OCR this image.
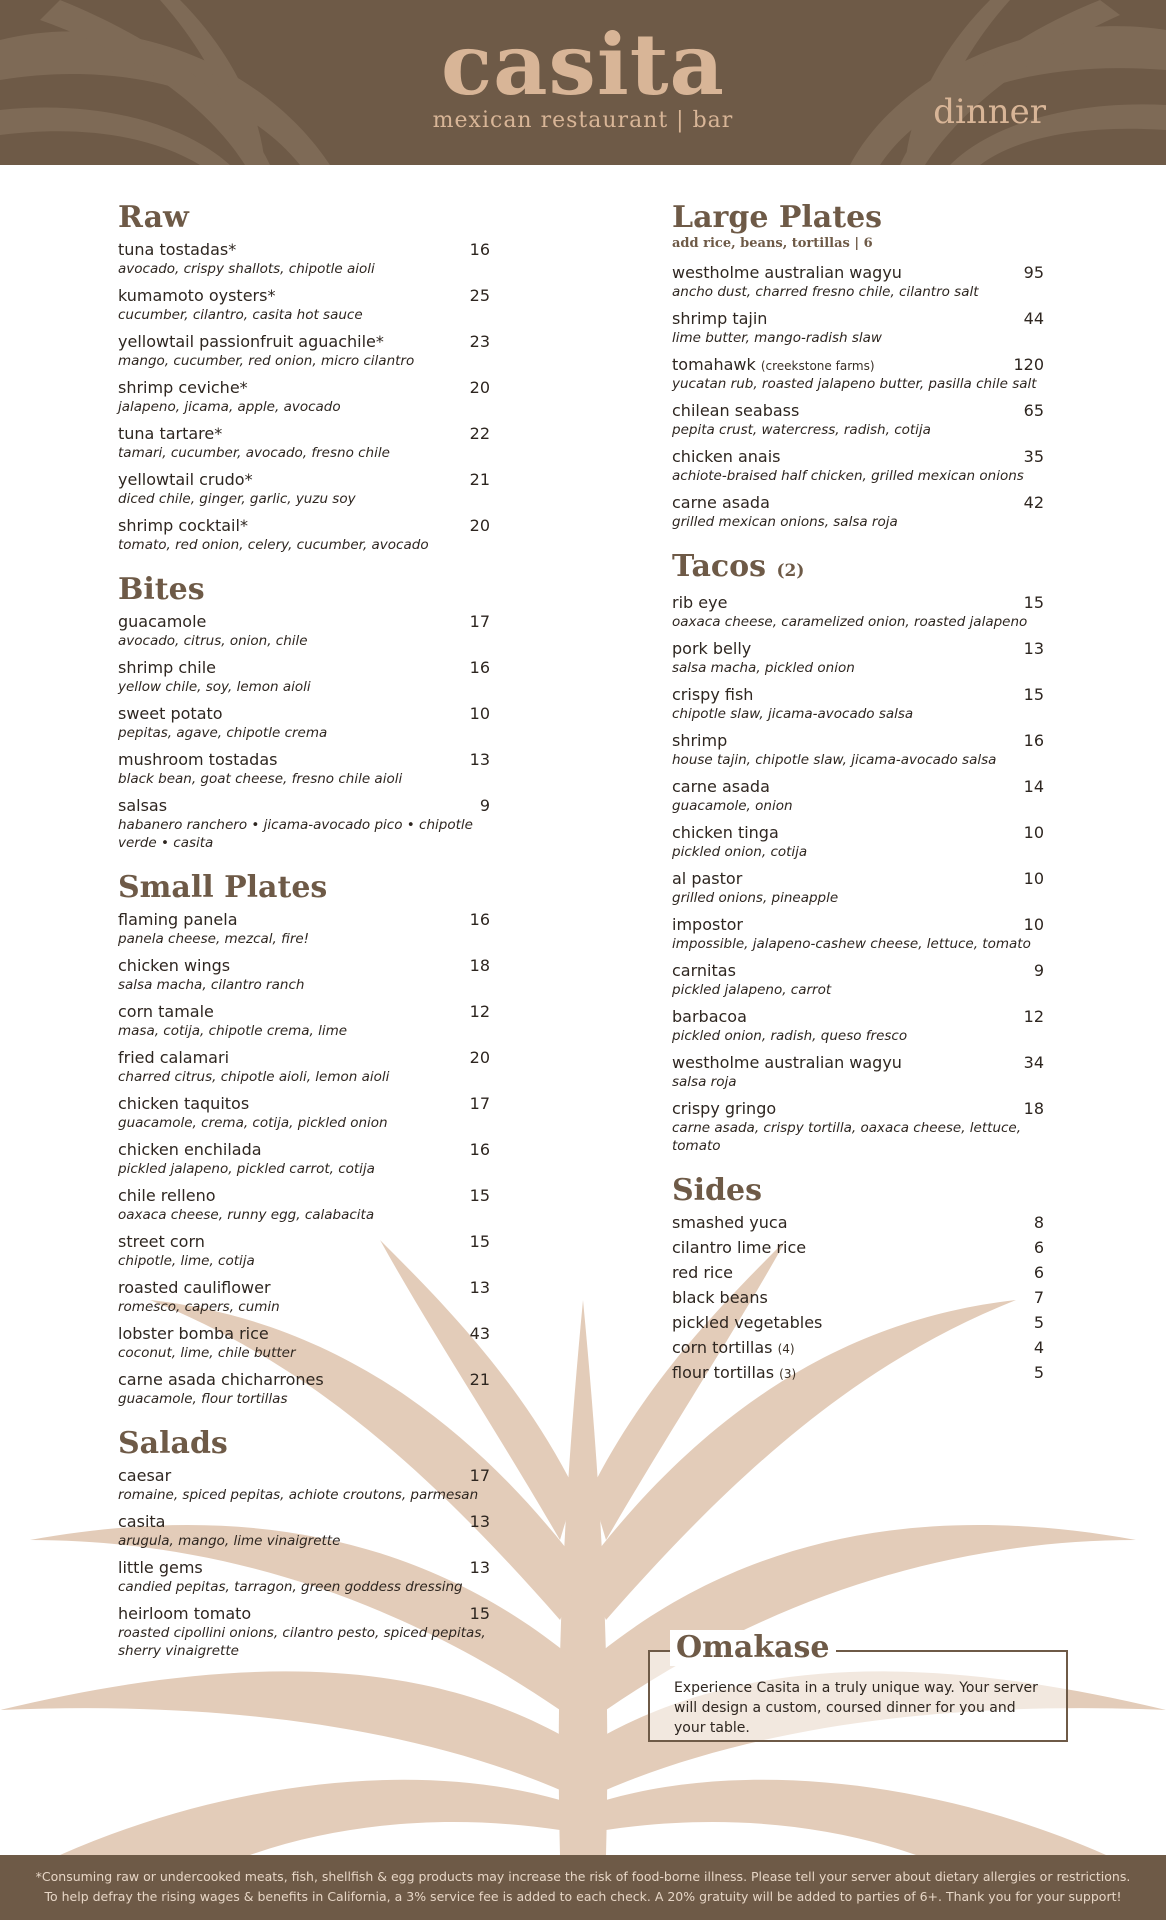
casita
mexican restaurant | bar	dinner
Raw
tuna tostadas*	16
avocado, crispy shallots, chipotle aioli
kumamoto oysters*	25
cucumber, cilantro, casita hot sauce
yellowtail passionfruit aguachile*	23
mango, cucumber, red onion, micro cilantro
shrimp ceviche*	20
jalapeno, jicama, apple, avocado
tuna tartare*	22
tamari, cucumber, avocado, fresno chile
yellowtail crudo*	21
diced chile, ginger, garlic, yuzu soy
shrimp cocktail*	20
tomato, red onion, celery, cucumber, avocado
Bites
guacamole	17
avocado, citrus, onion, chile
shrimp chile	16
yellow chile, soy, lemon aioli
sweet potato	10
pepitas, agave, chipotle crema
mushroom tostadas	13
black bean, goat cheese, fresno chile aioli
salsas	9
habanero ranchero • jicama-avocado pico • chipotle verde • casita
Small Plates
flaming panela	16
panela cheese, mezcal, fire!
chicken wings	18
salsa macha, cilantro ranch
corn tamale	12
masa, cotija, chipotle crema, lime
fried calamari	20
charred citrus, chipotle aioli, lemon aioli
chicken taquitos	17
guacamole, crema, cotija, pickled onion
chicken enchilada	16
pickled jalapeno, pickled carrot, cotija
chile relleno	15
oaxaca cheese, runny egg, calabacita
street corn	15
chipotle, lime, cotija
roasted cauliflower	13
romesco, capers, cumin
lobster bomba rice	43
coconut, lime, chile butter
carne asada chicharrones	21
guacamole, flour tortillas
Salads
caesar	17
romaine, spiced pepitas, achiote croutons, parmesan
casita	13
arugula, mango, lime vinaigrette
little gems	13
candied pepitas, tarragon, green goddess dressing
heirloom tomato	15
roasted cipollini onions, cilantro pesto, spiced pepitas, sherry vinaigrette
Large Plates
add rice, beans, tortillas | 6
westholme australian wagyu	95
ancho dust, charred fresno chile, cilantro salt
shrimp tajin	44
lime butter, mango-radish slaw
tomahawk (creekstone farms)	120
yucatan rub, roasted jalapeno butter, pasilla chile salt
chilean seabass	65
pepita crust, watercress, radish, cotija
chicken anais	35
achiote-braised half chicken, grilled mexican onions
carne asada	42
grilled mexican onions, salsa roja
Tacos (2)
rib eye	15
oaxaca cheese, caramelized onion, roasted jalapeno
pork belly	13
salsa macha, pickled onion
crispy fish	15
chipotle slaw, jicama-avocado salsa
shrimp	16
house tajin, chipotle slaw, jicama-avocado salsa
carne asada	14
guacamole, onion
chicken tinga	10
pickled onion, cotija
al pastor	10
grilled onions, pineapple
impostor	10
impossible, jalapeno-cashew cheese, lettuce, tomato
carnitas	9
pickled jalapeno, carrot
barbacoa	12
pickled onion, radish, queso fresco
westholme australian wagyu	34
salsa roja
crispy gringo	18
carne asada, crispy tortilla, oaxaca cheese, lettuce, tomato
Sides
smashed yuca	8
cilantro lime rice	6
red rice	6
black beans	7
pickled vegetables	5
corn tortillas (4)	4
flour tortillas (3)	5
Omakase
Experience Casita in a truly unique way. Your server will design a custom, coursed dinner for you and your table.
*Consuming raw or undercooked meats, fish, shellfish & egg products may increase the risk of food-borne illness. Please tell your server about dietary allergies or restrictions.
To help defray the rising wages & benefits in California, a 3% service fee is added to each check. A 20% gratuity will be added to parties of 6+. Thank you for your support!
